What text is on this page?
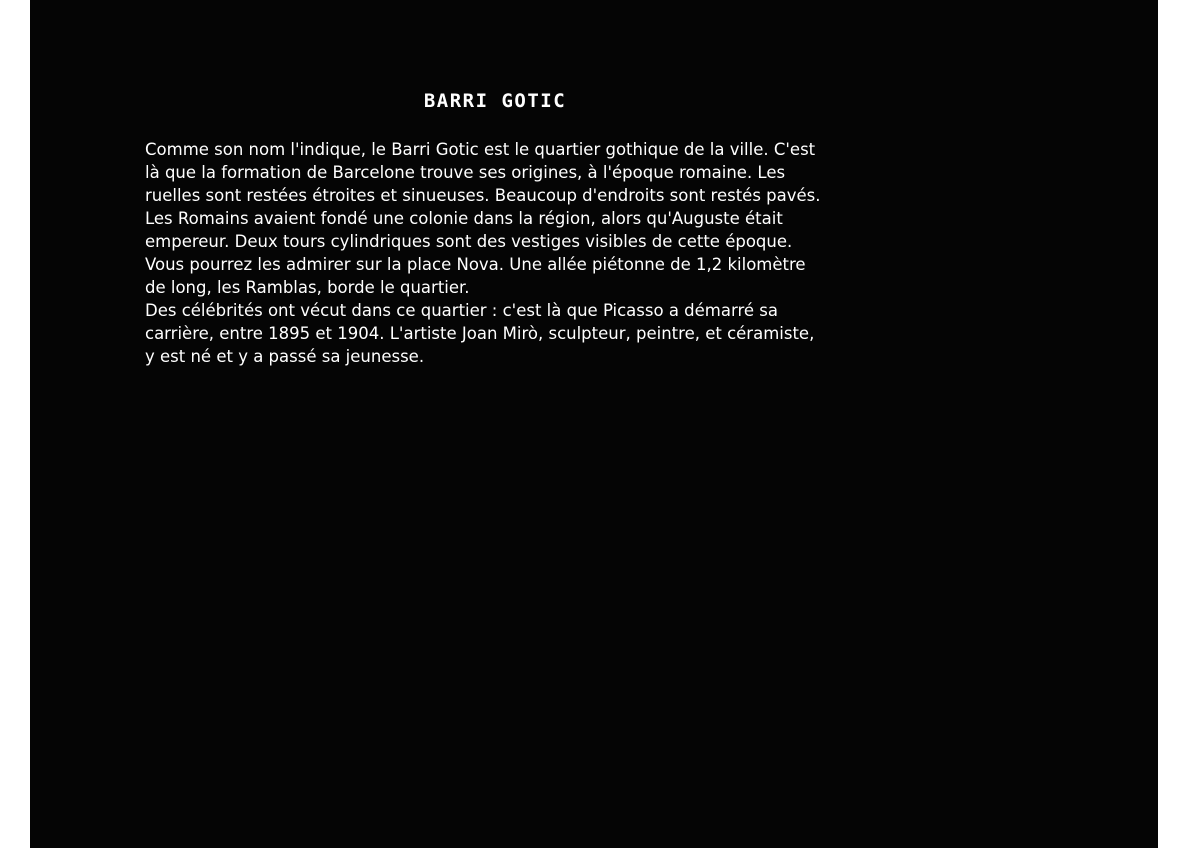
BARRI GOTIC

Comme son nom l'indique, le Barri Gotic est le quartier gothique de la ville. C'est là que la formation de Barcelone trouve ses origines, à l'époque romaine. Les ruelles sont restées étroites et sinueuses. Beaucoup d'endroits sont restés pavés.

Les Romains avaient fondé une colonie dans la région, alors qu'Auguste était empereur. Deux tours cylindriques sont des vestiges visibles de cette époque. Vous pourrez les admirer sur la place Nova. Une allée piétonne de 1,2 kilomètre de long, les Ramblas, borde le quartier.

Des célébrités ont vécut dans ce quartier : c'est là que Picasso a démarré sa carrière, entre 1895 et 1904. L'artiste Joan Mirò, sculpteur, peintre, et céramiste, y est né et y a passé sa jeunesse.
